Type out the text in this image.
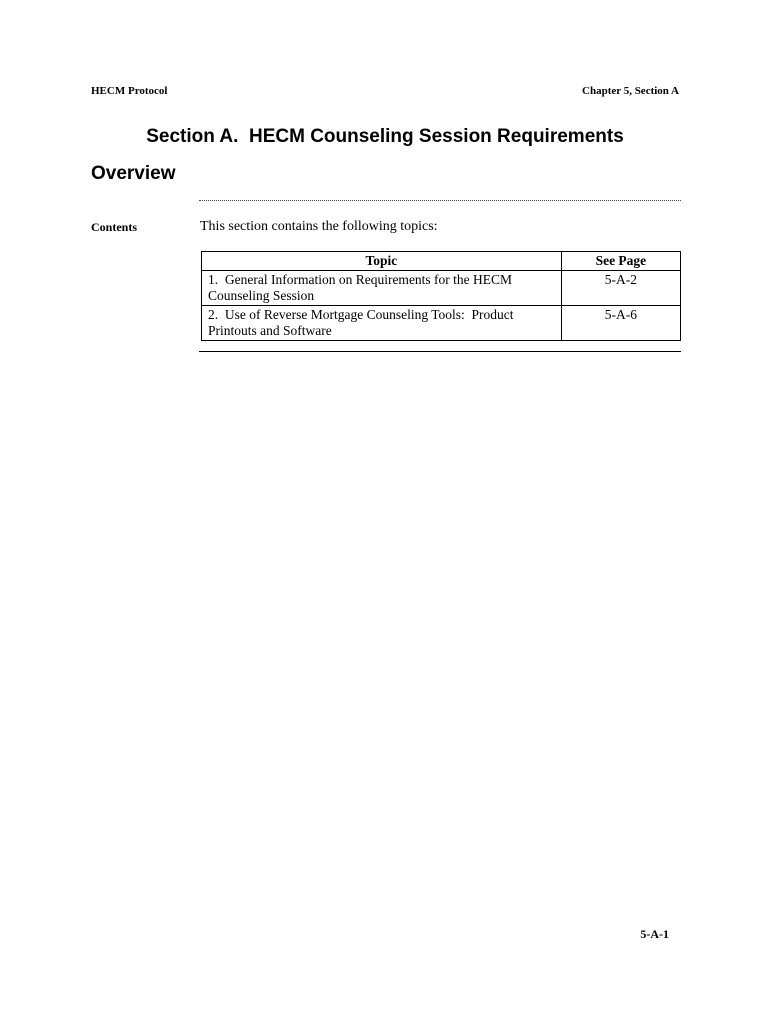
HECM Protocol	Chapter 5, Section A
Section A.  HECM Counseling Session Requirements
Overview
Contents	This section contains the following topics:
Topic	See Page
1.  General Information on Requirements for the HECM Counseling Session	5-A-2
2.  Use of Reverse Mortgage Counseling Tools:  Product Printouts and Software	5-A-6
5-A-1
